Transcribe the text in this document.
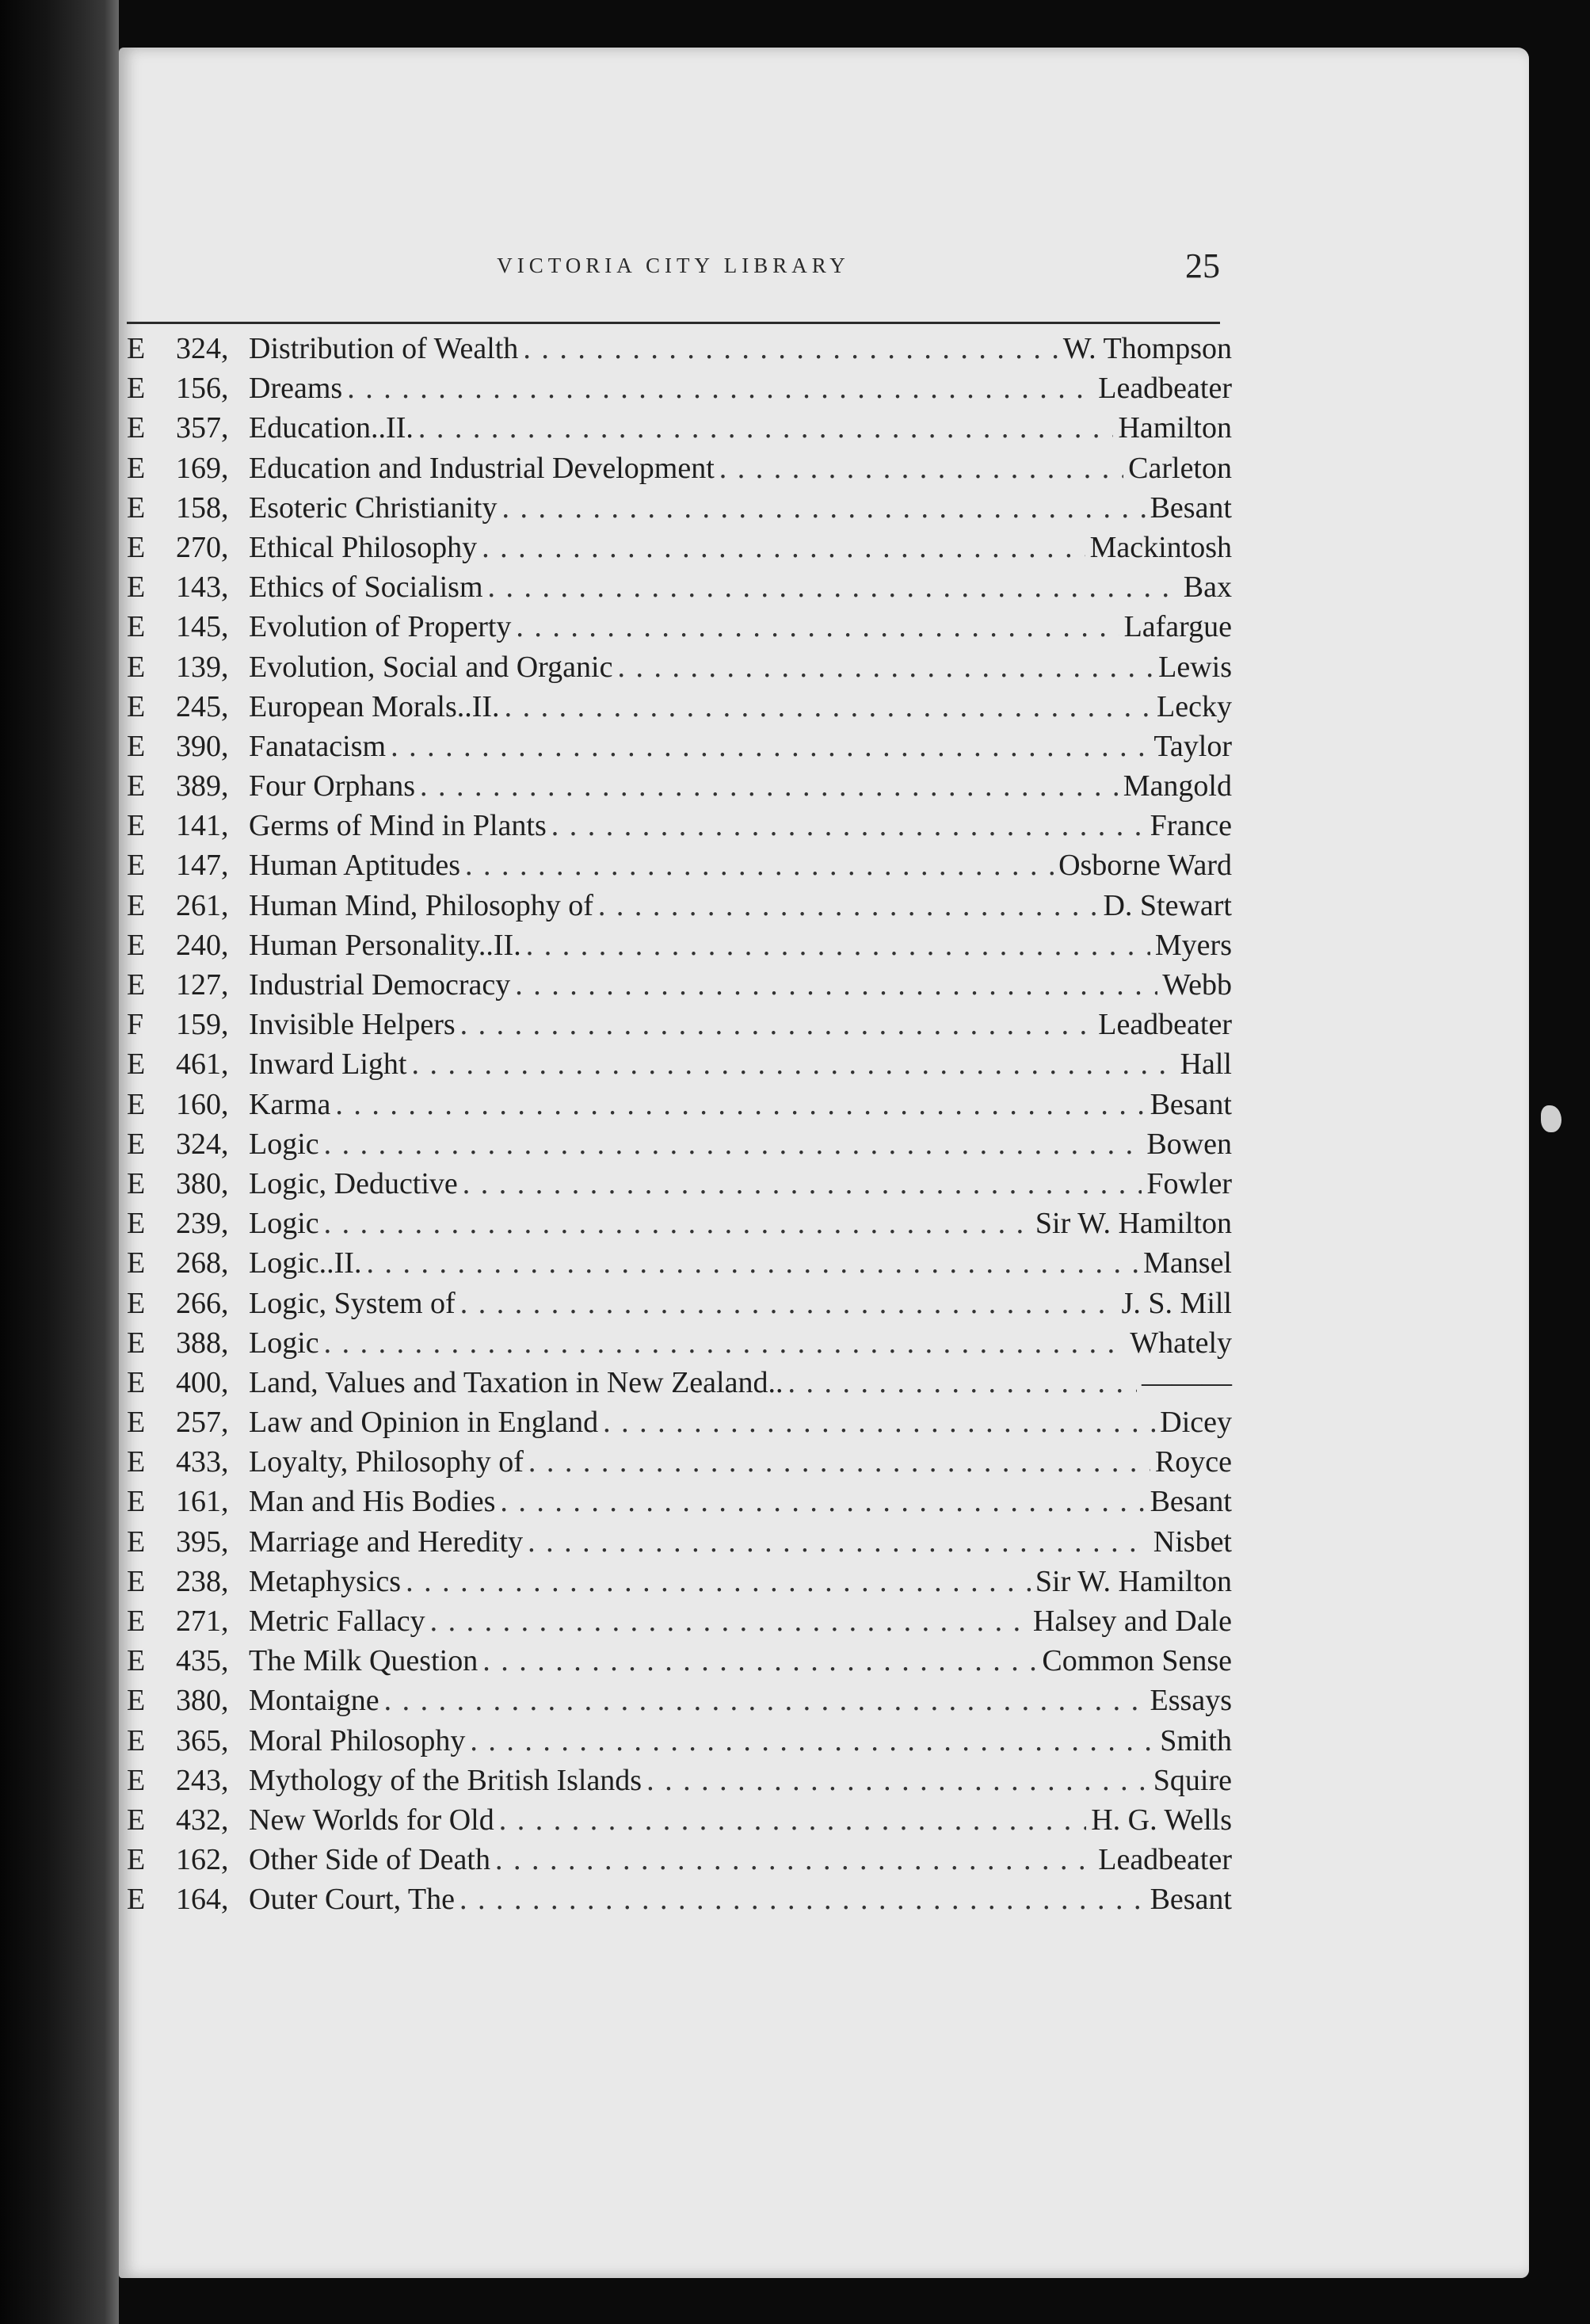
VICTORIA CITY LIBRARY	25
E	324, Distribution of Wealth . . .	W. Thompson
E	156, Dreams . . .	Leadbeater
E	357, Education..II. . . .	Hamilton
E	169, Education and Industrial Development . . .	Carleton
E	158, Esoteric Christianity . . .	Besant
E	270, Ethical Philosophy . . .	Mackintosh
E	143, Ethics of Socialism . . .	Bax
E	145, Evolution of Property . . .	Lafargue
E	139, Evolution, Social and Organic . . .	Lewis
E	245, European Morals..II. . . .	Lecky
E	390, Fanatacism . . .	Taylor
E	389, Four Orphans . . .	Mangold
E	141, Germs of Mind in Plants . . .	France
E	147, Human Aptitudes . . .	Osborne Ward
E	261, Human Mind, Philosophy of . . .	D. Stewart
E	240, Human Personality..II. . . .	Myers
E	127, Industrial Democracy . . .	Webb
F	159, Invisible Helpers . . .	Leadbeater
E	461, Inward Light . . .	Hall
E	160, Karma . . .	Besant
E	324, Logic . . .	Bowen
E	380, Logic, Deductive . . .	Fowler
E	239, Logic . . .	Sir W. Hamilton
E	268, Logic..II. . . .	Mansel
E	266, Logic, System of . . .	J. S. Mill
E	388, Logic . . .	Whately
E	400, Land, Values and Taxation in New Zealand.. . . .	———
E	257, Law and Opinion in England . . .	Dicey
E	433, Loyalty, Philosophy of . . .	Royce
E	161, Man and His Bodies . . .	Besant
E	395, Marriage and Heredity . . .	Nisbet
E	238, Metaphysics . . .	Sir W. Hamilton
E	271, Metric Fallacy . . .	Halsey and Dale
E	435, The Milk Question . . .	Common Sense
E	380, Montaigne . . .	Essays
E	365, Moral Philosophy . . .	Smith
E	243, Mythology of the British Islands . . .	Squire
E	432, New Worlds for Old . . .	H. G. Wells
E	162, Other Side of Death . . .	Leadbeater
E	164, Outer Court, The . . .	Besant
